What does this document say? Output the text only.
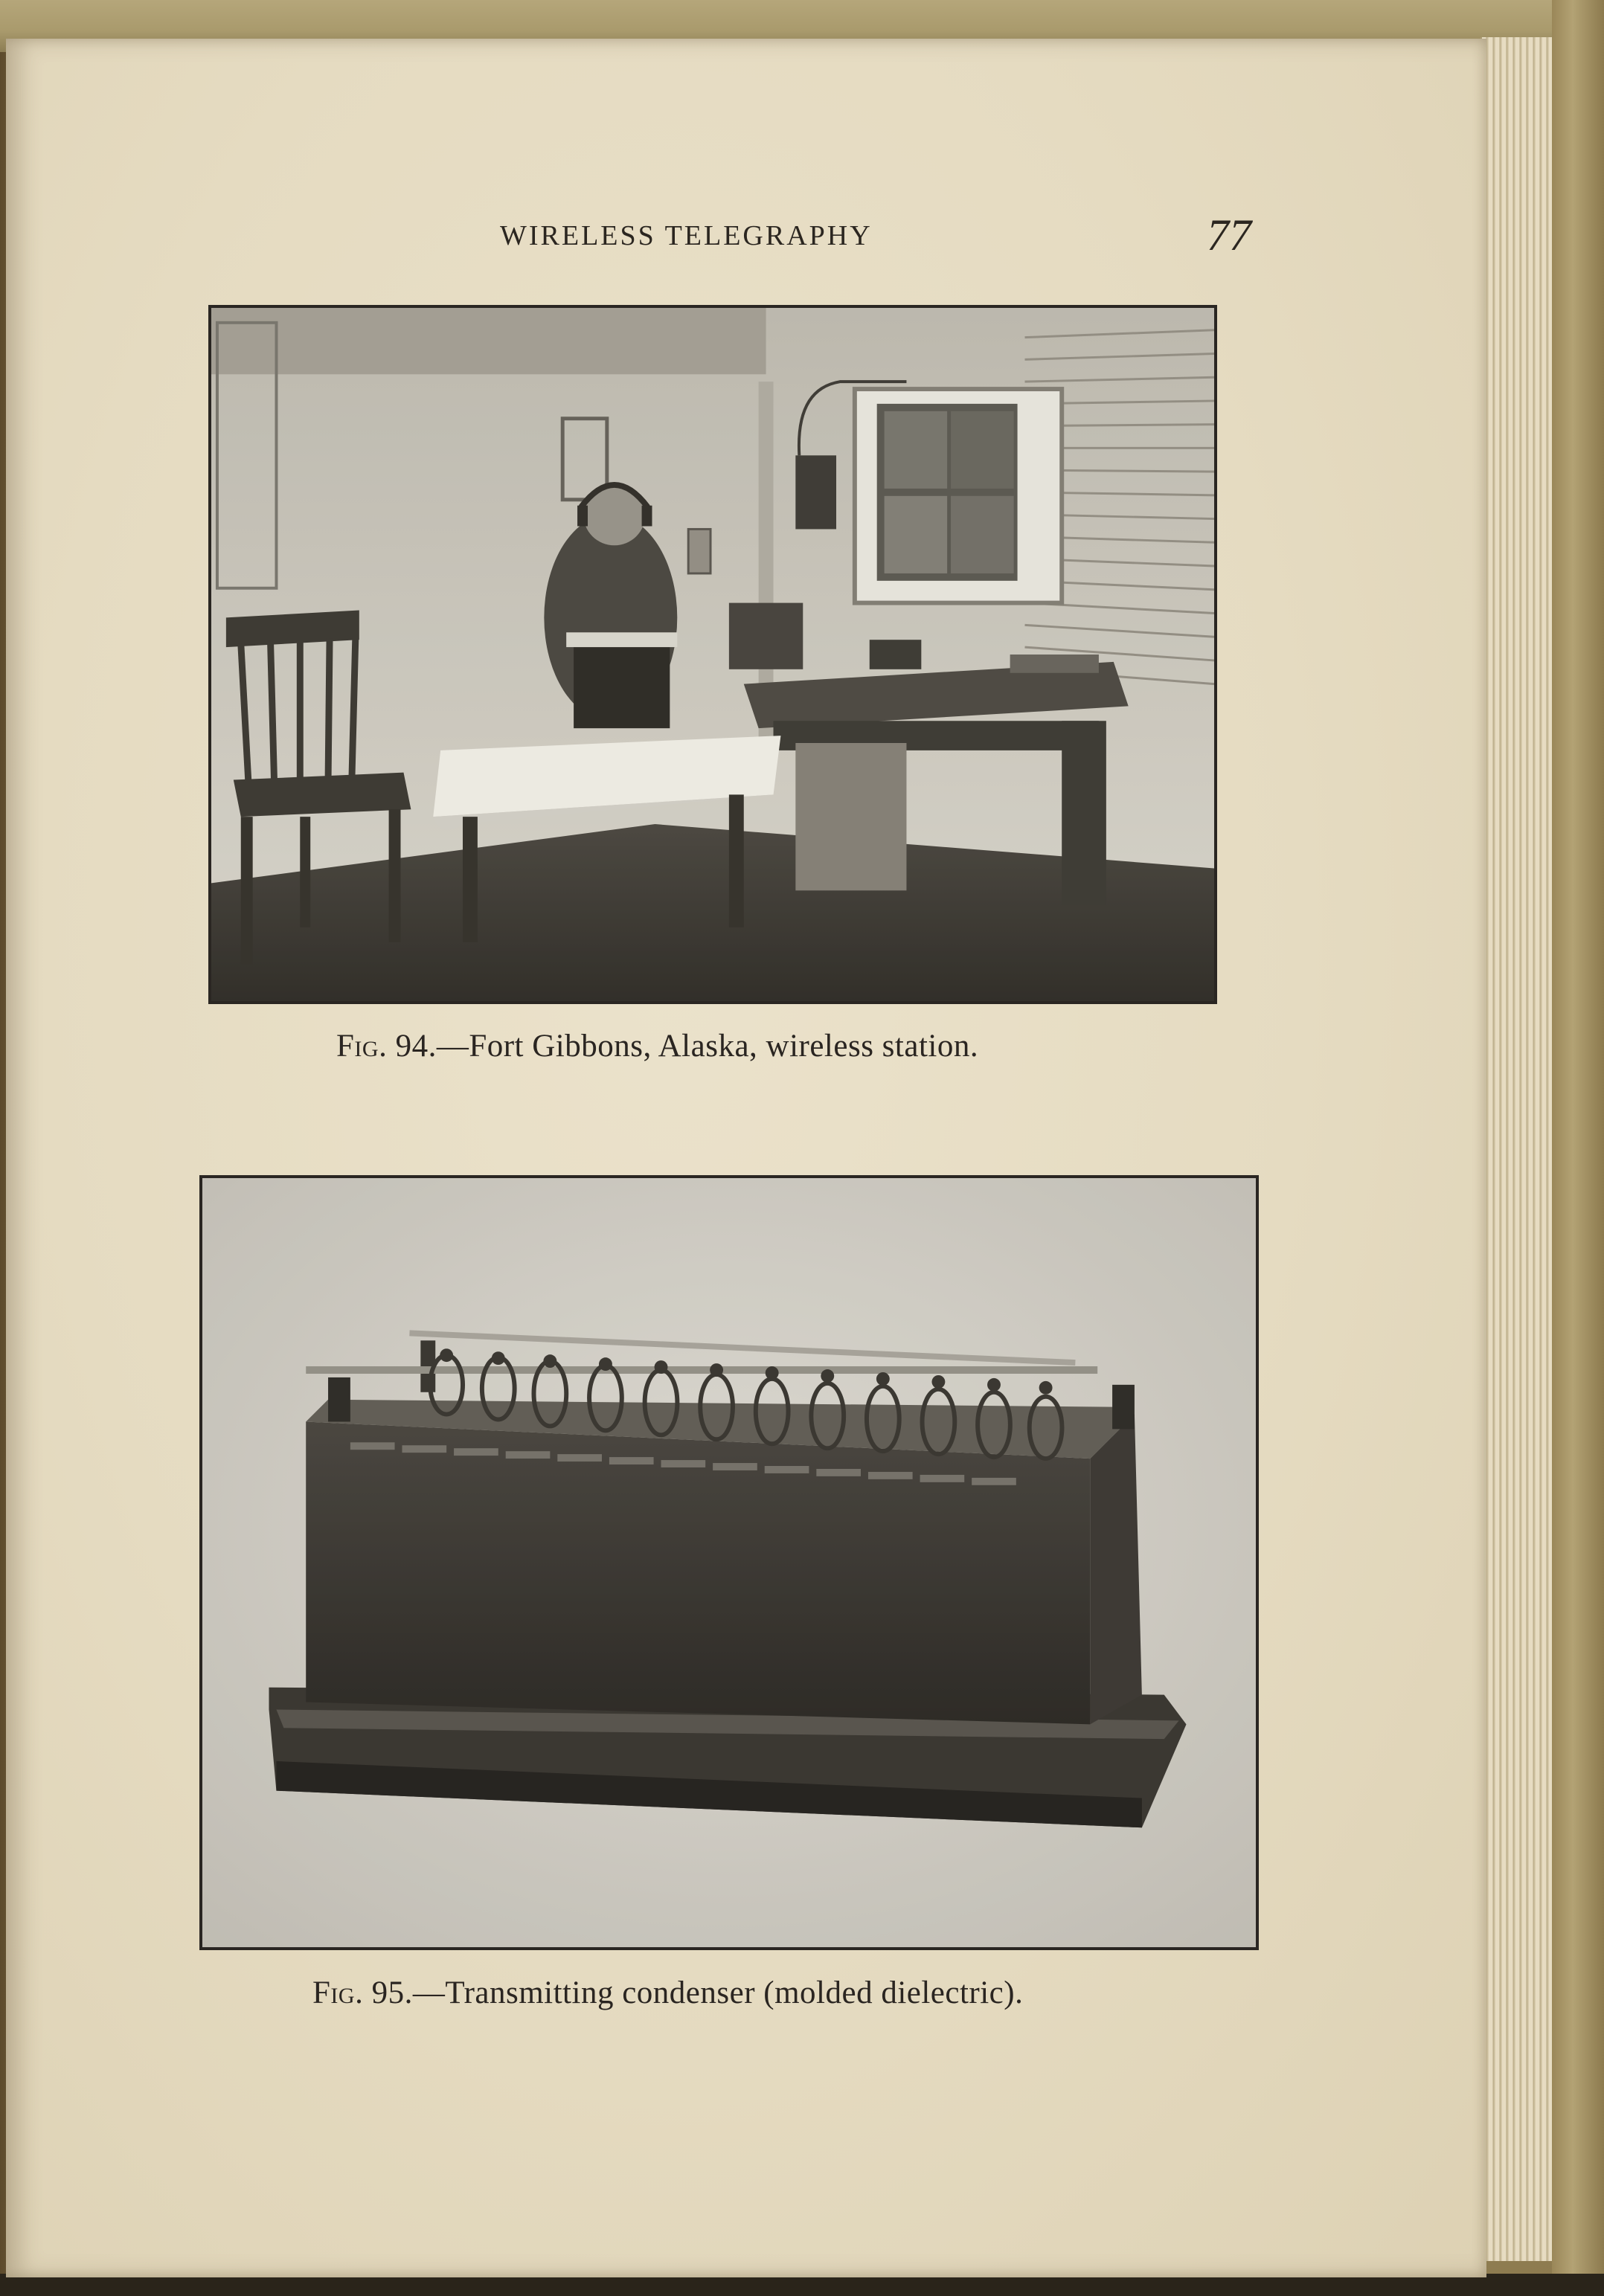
WIRELESS TELEGRAPHY	77
Fig. 94.—Fort Gibbons, Alaska, wireless station.
Fig. 95.—Transmitting condenser (molded dielectric).
